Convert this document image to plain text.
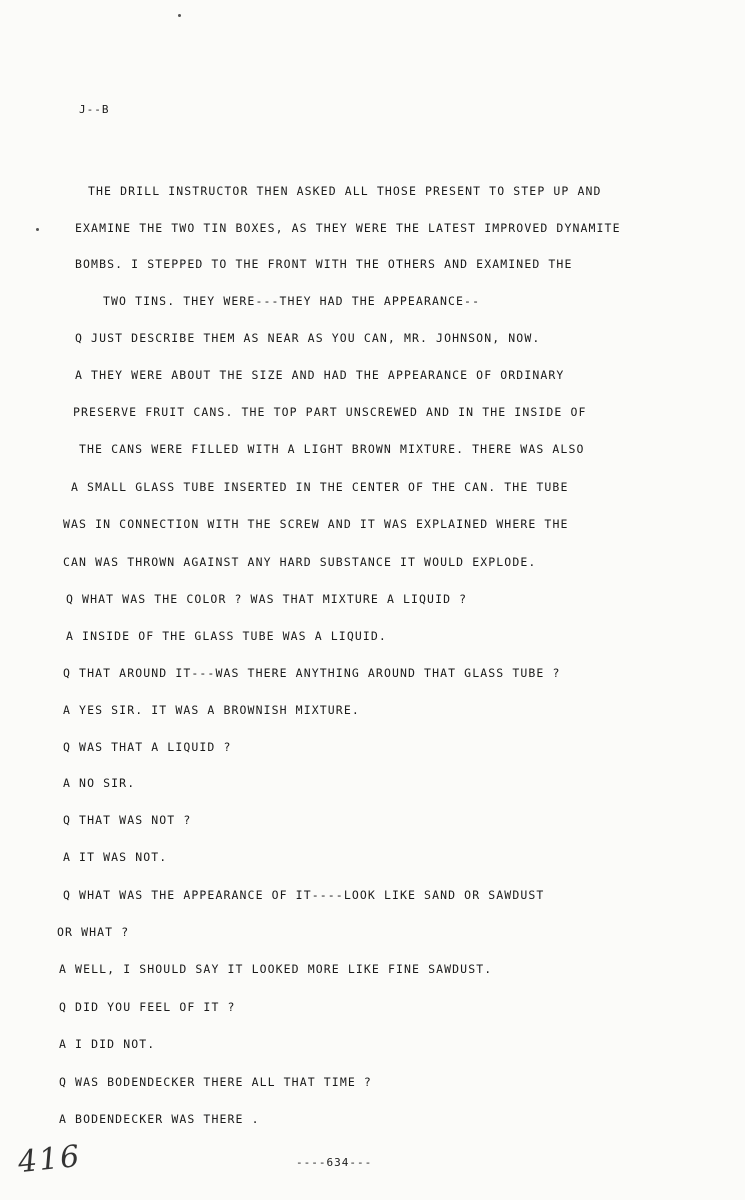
J--B
THE DRILL INSTRUCTOR THEN ASKED ALL THOSE PRESENT TO STEP UP AND
EXAMINE THE TWO TIN BOXES, AS THEY WERE THE LATEST IMPROVED DYNAMITE
BOMBS. I STEPPED TO THE FRONT WITH THE OTHERS AND EXAMINED THE
TWO TINS. THEY WERE---THEY HAD THE APPEARANCE--
Q JUST DESCRIBE THEM AS NEAR AS YOU CAN, MR. JOHNSON, NOW.
A THEY WERE ABOUT THE SIZE AND HAD THE APPEARANCE OF ORDINARY
PRESERVE FRUIT CANS. THE TOP PART UNSCREWED AND IN THE INSIDE OF
THE CANS WERE FILLED WITH A LIGHT BROWN MIXTURE. THERE WAS ALSO
A SMALL GLASS TUBE INSERTED IN THE CENTER OF THE CAN. THE TUBE
WAS IN CONNECTION WITH THE SCREW AND IT WAS EXPLAINED WHERE THE
CAN WAS THROWN AGAINST ANY HARD SUBSTANCE IT WOULD EXPLODE.
Q WHAT WAS THE COLOR ? WAS THAT MIXTURE A LIQUID ?
A INSIDE OF THE GLASS TUBE WAS A LIQUID.
Q THAT AROUND IT---WAS THERE ANYTHING AROUND THAT GLASS TUBE ?
A YES SIR. IT WAS A BROWNISH MIXTURE.
Q WAS THAT A LIQUID ?
A NO SIR.
Q THAT WAS NOT ?
A IT WAS NOT.
Q WHAT WAS THE APPEARANCE OF IT----LOOK LIKE SAND OR SAWDUST
OR WHAT ?
A WELL, I SHOULD SAY IT LOOKED MORE LIKE FINE SAWDUST.
Q DID YOU FEEL OF IT ?
A I DID NOT.
Q WAS BODENDECKER THERE ALL THAT TIME ?
A BODENDECKER WAS THERE .
----634---
416
